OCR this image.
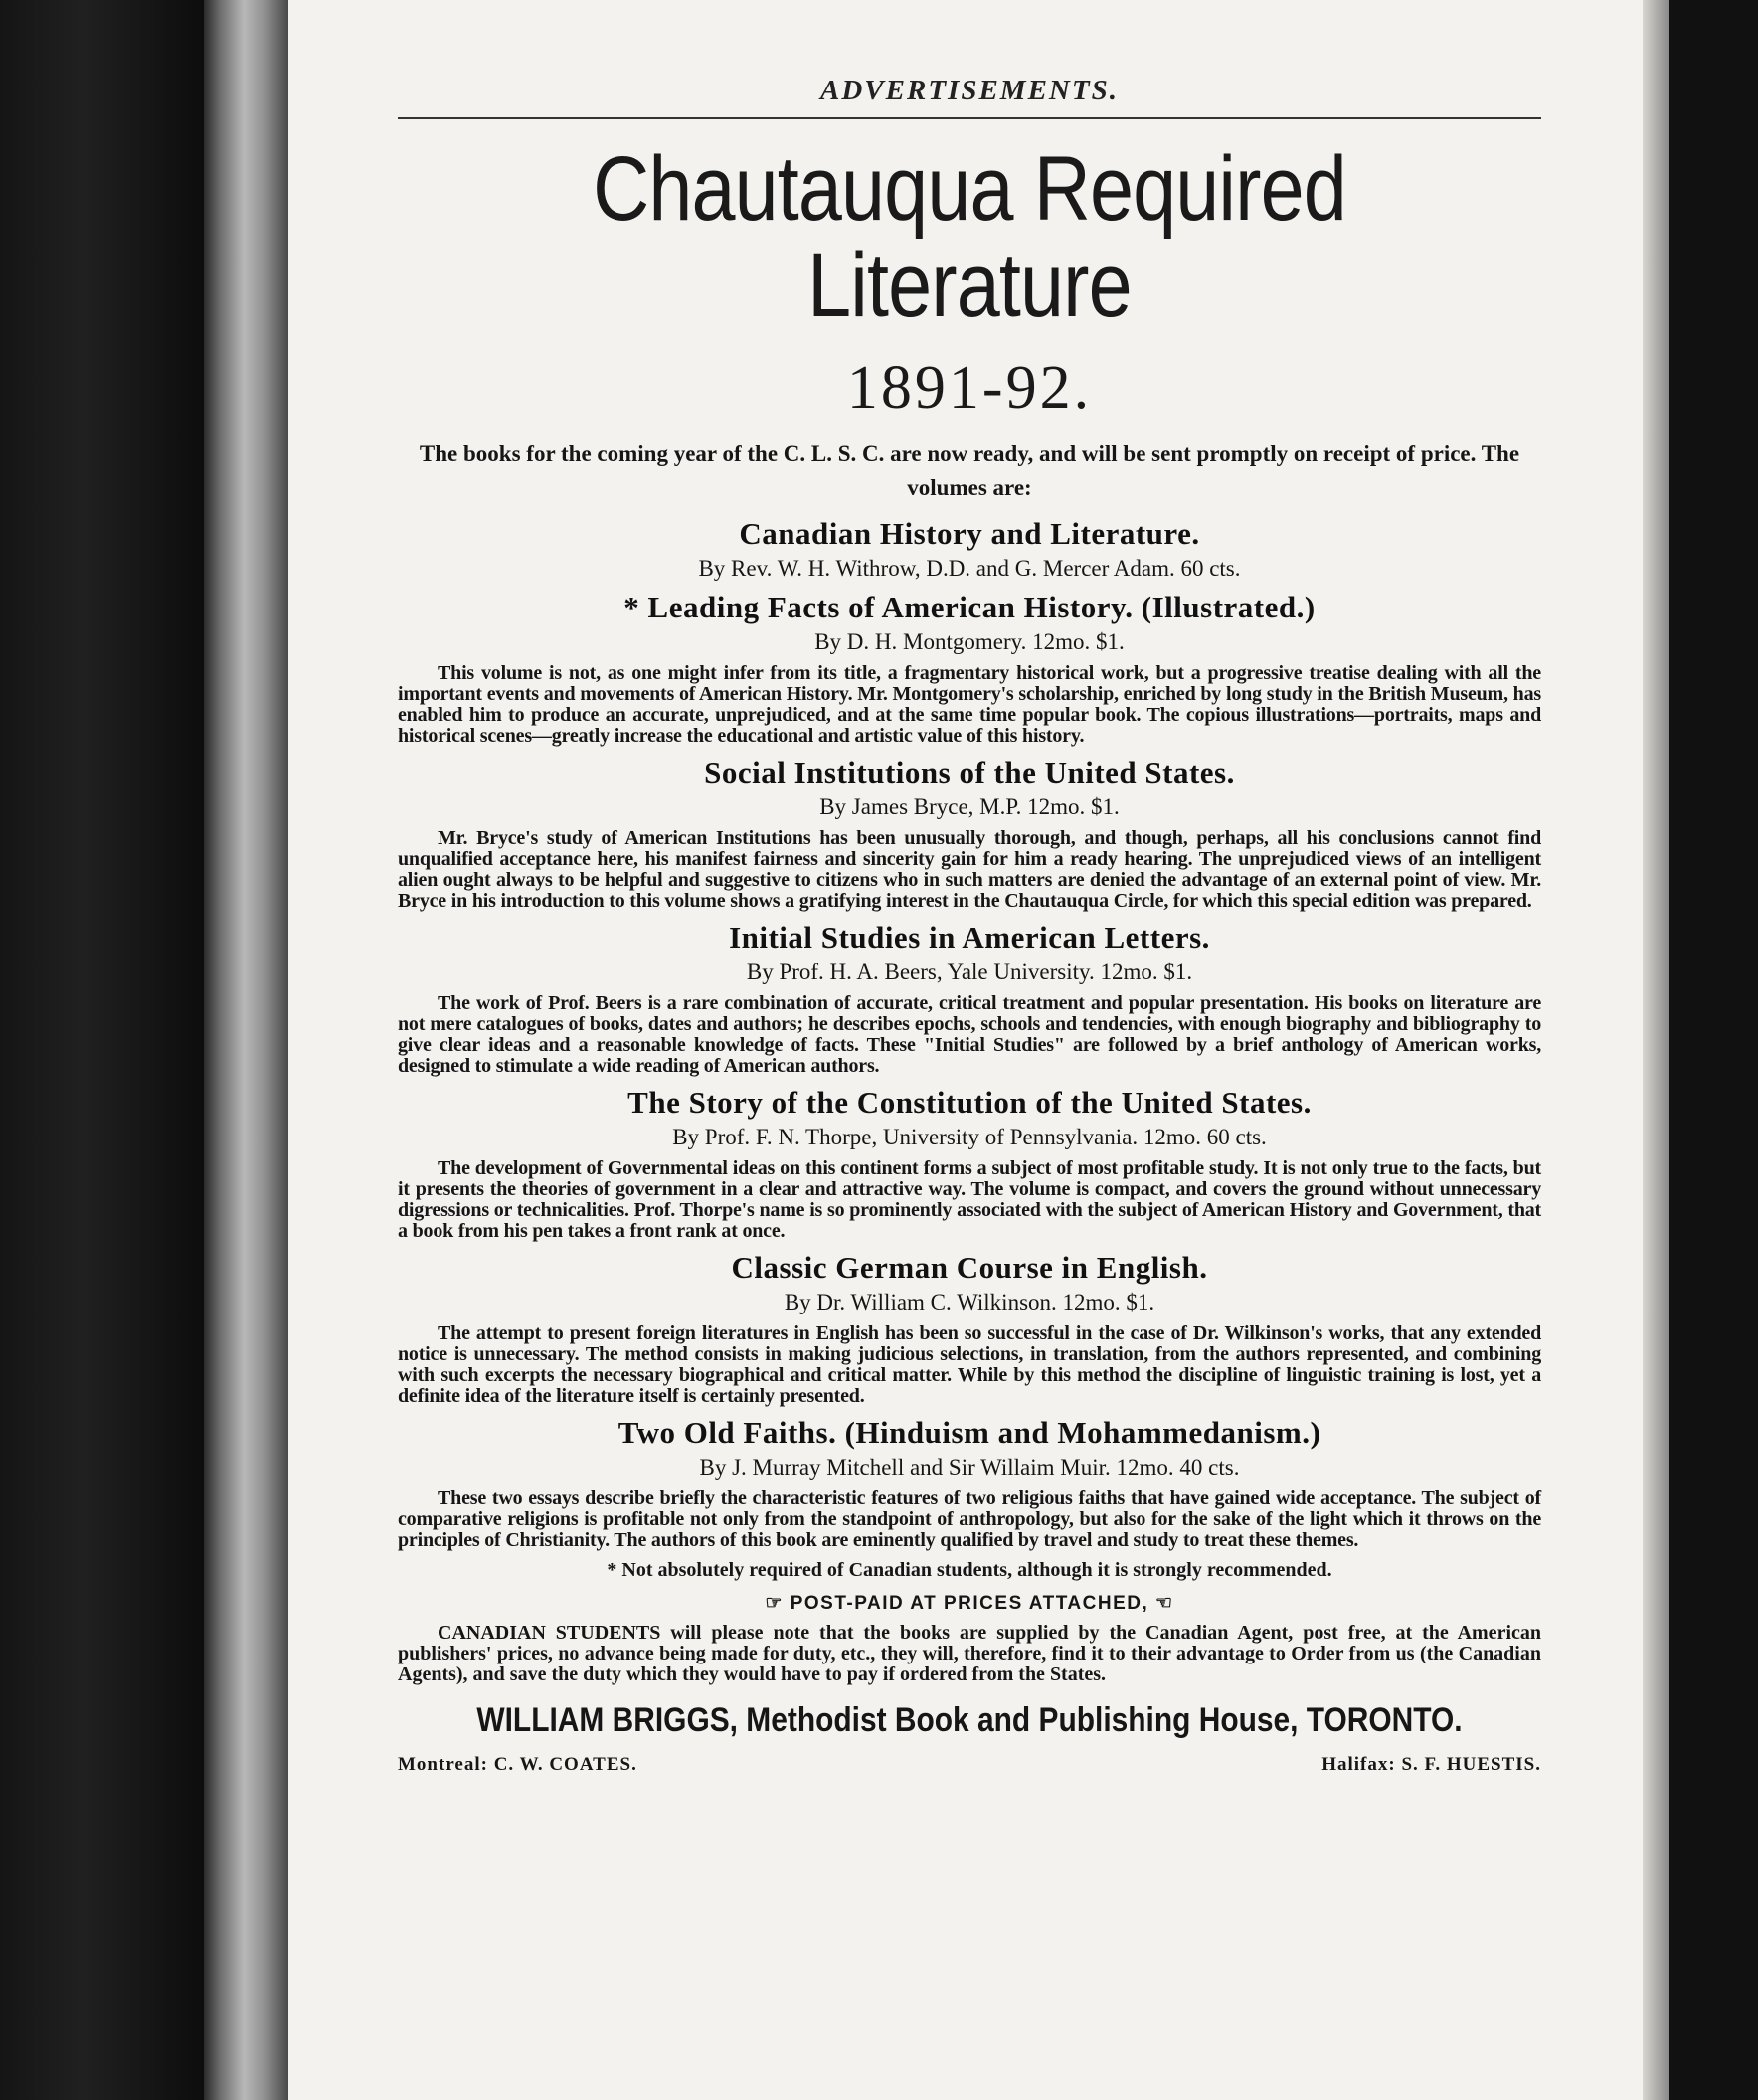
ADVERTISEMENTS.
Chautauqua Required Literature
1891-92.
The books for the coming year of the C. L. S. C. are now ready, and will be sent promptly on receipt of price. The volumes are:
Canadian History and Literature.
By Rev. W. H. Withrow, D.D. and G. Mercer Adam. 60 cts.
* Leading Facts of American History. (Illustrated.)
By D. H. Montgomery. 12mo. $1.
This volume is not, as one might infer from its title, a fragmentary historical work, but a progressive treatise dealing with all the important events and movements of American History. Mr. Montgomery's scholarship, enriched by long study in the British Museum, has enabled him to produce an accurate, unprejudiced, and at the same time popular book. The copious illustrations—portraits, maps and historical scenes—greatly increase the educational and artistic value of this history.
Social Institutions of the United States.
By James Bryce, M.P. 12mo. $1.
Mr. Bryce's study of American Institutions has been unusually thorough, and though, perhaps, all his conclusions cannot find unqualified acceptance here, his manifest fairness and sincerity gain for him a ready hearing. The unprejudiced views of an intelligent alien ought always to be helpful and suggestive to citizens who in such matters are denied the advantage of an external point of view. Mr. Bryce in his introduction to this volume shows a gratifying interest in the Chautauqua Circle, for which this special edition was prepared.
Initial Studies in American Letters.
By Prof. H. A. Beers, Yale University. 12mo. $1.
The work of Prof. Beers is a rare combination of accurate, critical treatment and popular presentation. His books on literature are not mere catalogues of books, dates and authors; he describes epochs, schools and tendencies, with enough biography and bibliography to give clear ideas and a reasonable knowledge of facts. These "Initial Studies" are followed by a brief anthology of American works, designed to stimulate a wide reading of American authors.
The Story of the Constitution of the United States.
By Prof. F. N. Thorpe, University of Pennsylvania. 12mo. 60 cts.
The development of Governmental ideas on this continent forms a subject of most profitable study. It is not only true to the facts, but it presents the theories of government in a clear and attractive way. The volume is compact, and covers the ground without unnecessary digressions or technicalities. Prof. Thorpe's name is so prominently associated with the subject of American History and Government, that a book from his pen takes a front rank at once.
Classic German Course in English.
By Dr. William C. Wilkinson. 12mo. $1.
The attempt to present foreign literatures in English has been so successful in the case of Dr. Wilkinson's works, that any extended notice is unnecessary. The method consists in making judicious selections, in translation, from the authors represented, and combining with such excerpts the necessary biographical and critical matter. While by this method the discipline of linguistic training is lost, yet a definite idea of the literature itself is certainly presented.
Two Old Faiths. (Hinduism and Mohammedanism.)
By J. Murray Mitchell and Sir Willaim Muir. 12mo. 40 cts.
These two essays describe briefly the characteristic features of two religious faiths that have gained wide acceptance. The subject of comparative religions is profitable not only from the standpoint of anthropology, but also for the sake of the light which it throws on the principles of Christianity. The authors of this book are eminently qualified by travel and study to treat these themes.
* Not absolutely required of Canadian students, although it is strongly recommended.
☞ POST-PAID AT PRICES ATTACHED, ☜
CANADIAN STUDENTS will please note that the books are supplied by the Canadian Agent, post free, at the American publishers' prices, no advance being made for duty, etc., they will, therefore, find it to their advantage to Order from us (the Canadian Agents), and save the duty which they would have to pay if ordered from the States.
WILLIAM BRIGGS, Methodist Book and Publishing House, TORONTO.
Montreal: C. W. COATES.	Halifax: S. F. HUESTIS.
